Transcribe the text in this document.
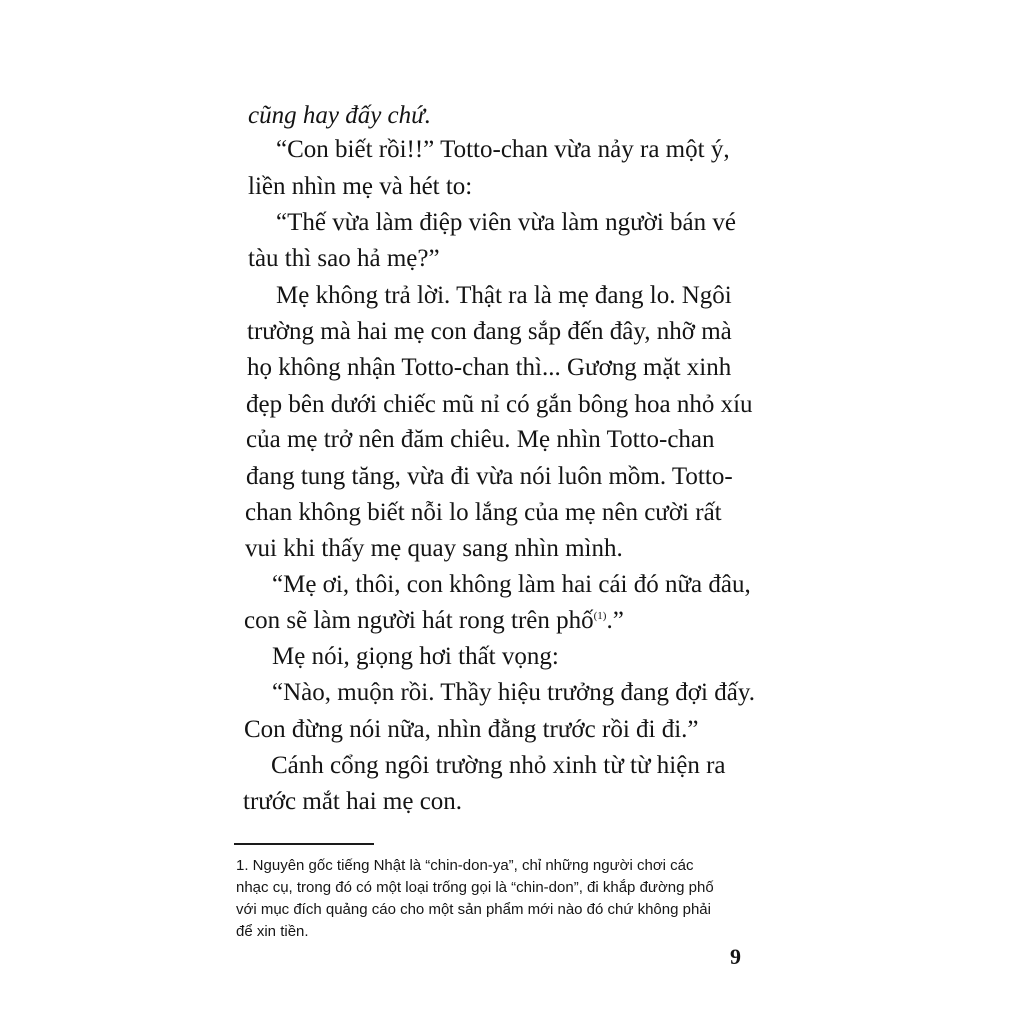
cũng hay đấy chứ.
“Con biết rồi!!” Totto-chan vừa nảy ra một ý,
liền nhìn mẹ và hét to:
“Thế vừa làm điệp viên vừa làm người bán vé
tàu thì sao hả mẹ?”
Mẹ không trả lời. Thật ra là mẹ đang lo. Ngôi
trường mà hai mẹ con đang sắp đến đây, nhỡ mà
họ không nhận Totto-chan thì... Gương mặt xinh
đẹp bên dưới chiếc mũ nỉ có gắn bông hoa nhỏ xíu
của mẹ trở nên đăm chiêu. Mẹ nhìn Totto-chan
đang tung tăng, vừa đi vừa nói luôn mồm. Totto-
chan không biết nỗi lo lắng của mẹ nên cười rất
vui khi thấy mẹ quay sang nhìn mình.
“Mẹ ơi, thôi, con không làm hai cái đó nữa đâu,
con sẽ làm người hát rong trên phố$^{(1)}$.”
Mẹ nói, giọng hơi thất vọng:
“Nào, muộn rồi. Thầy hiệu trưởng đang đợi đấy.
Con đừng nói nữa, nhìn đằng trước rồi đi đi.”
Cánh cổng ngôi trường nhỏ xinh từ từ hiện ra
trước mắt hai mẹ con.
1. Nguyên gốc tiếng Nhật là “chin-don-ya”, chỉ những người chơi các
nhạc cụ, trong đó có một loại trống gọi là “chin-don”, đi khắp đường phố
với mục đích quảng cáo cho một sản phẩm mới nào đó chứ không phải
để xin tiền.
9
